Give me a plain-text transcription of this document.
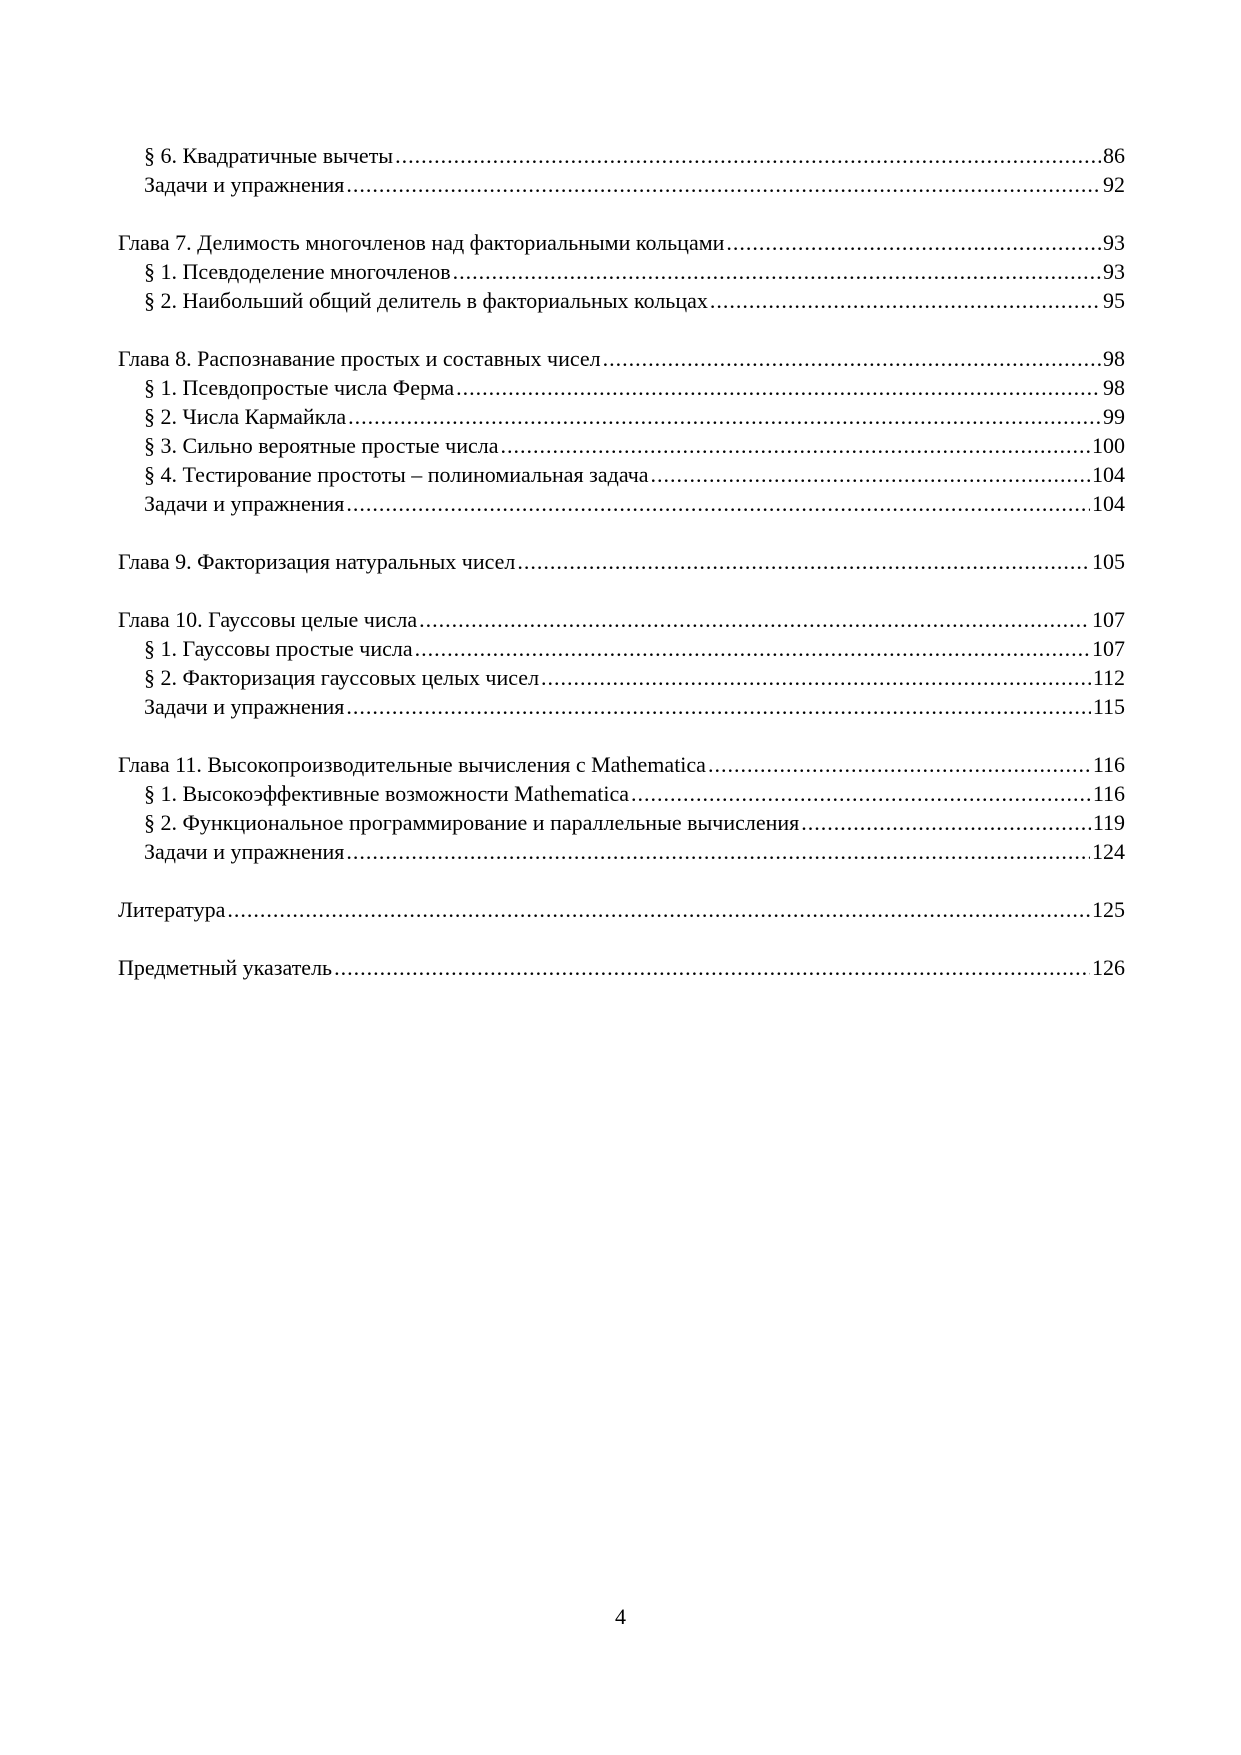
§ 6. Квадратичные вычеты .....	86
Задачи и упражнения .....	92
Глава 7. Делимость многочленов над факториальными кольцами .....	93
§ 1. Псевдоделение многочленов .....	93
§ 2. Наибольший общий делитель в факториальных кольцах .....	95
Глава 8. Распознавание простых и составных чисел .....	98
§ 1. Псевдопростые числа Ферма .....	98
§ 2. Числа Кармайкла .....	99
§ 3. Сильно вероятные простые числа .....	100
§ 4. Тестирование простоты – полиномиальная задача .....	104
Задачи и упражнения .....	104
Глава 9. Факторизация натуральных чисел .....	105
Глава 10. Гауссовы целые числа .....	107
§ 1. Гауссовы простые числа .....	107
§ 2. Факторизация гауссовых целых чисел .....	112
Задачи и упражнения .....	115
Глава 11. Высокопроизводительные вычисления с Mathematica .....	116
§ 1. Высокоэффективные возможности Mathematica .....	116
§ 2. Функциональное программирование и параллельные вычисления .....	119
Задачи и упражнения .....	124
Литература .....	125
Предметный указатель .....	126
4
